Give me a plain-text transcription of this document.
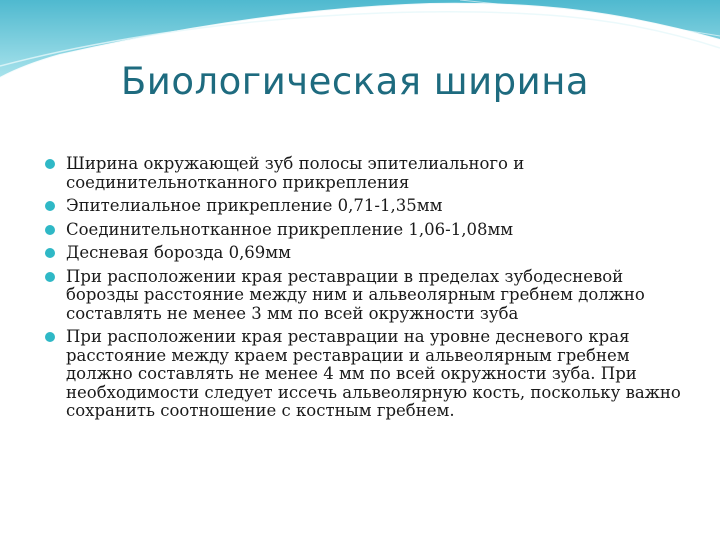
Биологическая ширина
Ширина окружающей зуб полосы эпителиального и соединительнотканного прикрепления
Эпителиальное прикрепление 0,71-1,35мм
Соединительнотканное прикрепление 1,06-1,08мм
Десневая борозда 0,69мм
При расположении края реставрации в пределах зубодесневой борозды расстояние между ним и альвеолярным гребнем должно составлять не менее 3 мм по всей окружности зуба
При расположении края реставрации на уровне десневого края расстояние между краем реставрации и альвеолярным гребнем должно составлять не менее 4 мм по всей окружности зуба. При необходимости следует иссечь альвеолярную кость, поскольку важно сохранить соотношение с костным гребнем.
